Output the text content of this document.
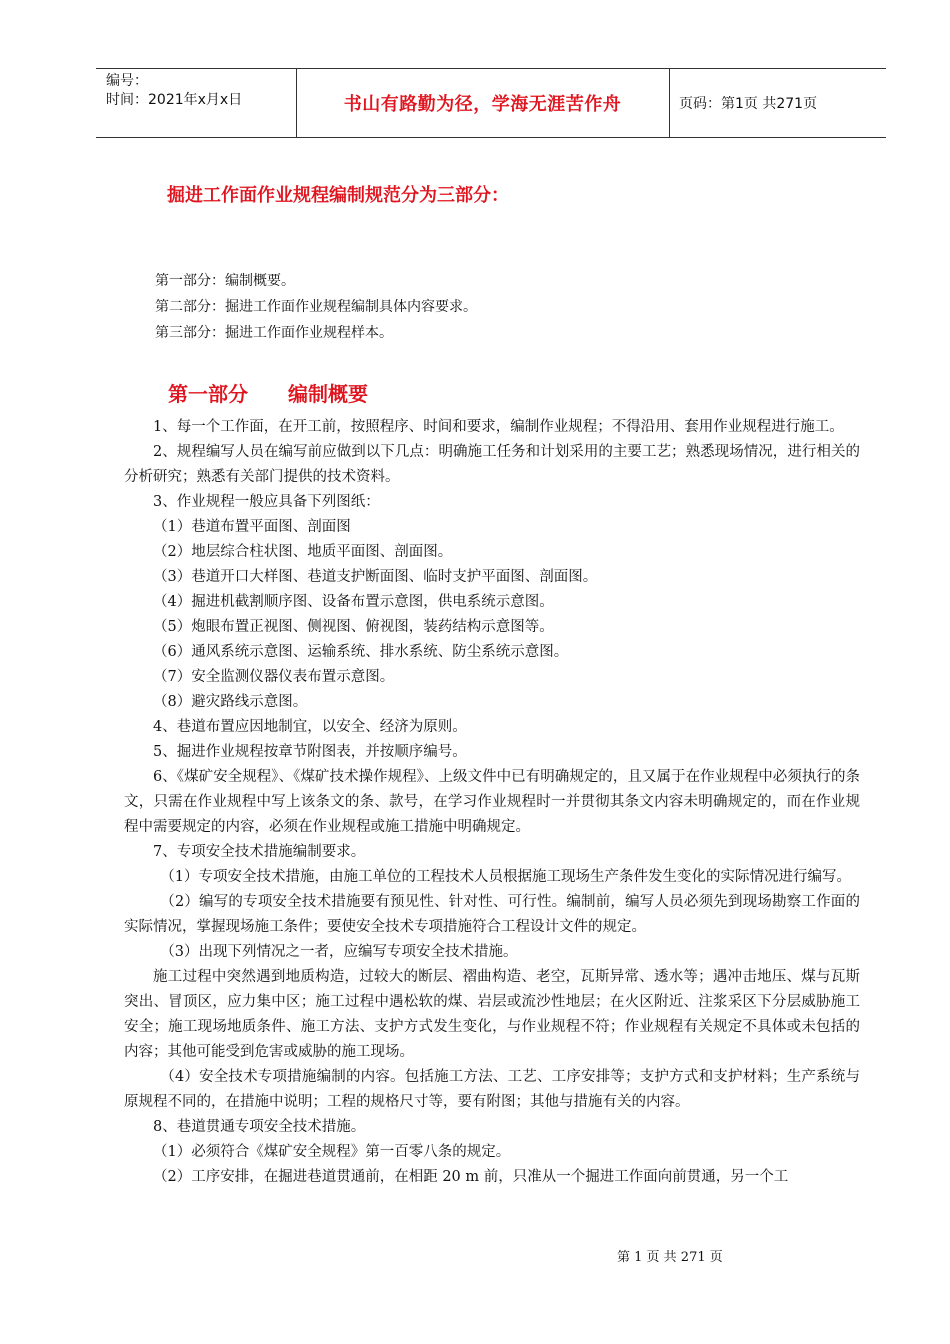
编号：
时间：2021年x月x日	书山有路勤为径，学海无涯苦作舟	页码：第1页 共271页
掘进工作面作业规程编制规范分为三部分：
第一部分：编制概要。
第二部分：掘进工作面作业规程编制具体内容要求。
第三部分：掘进工作面作业规程样本。
第一部分 编制概要

1、每一个工作面，在开工前，按照程序、时间和要求，编制作业规程；不得沿用、套用作业规程进行施工。

2、规程编写人员在编写前应做到以下几点：明确施工任务和计划采用的主要工艺；熟悉现场情况，进行相关的分析研究；熟悉有关部门提供的技术资料。

3、作业规程一般应具备下列图纸：

（1）巷道布置平面图、剖面图

（2）地层综合柱状图、地质平面图、剖面图。

（3）巷道开口大样图、巷道支护断面图、临时支护平面图、剖面图。

（4）掘进机截割顺序图、设备布置示意图，供电系统示意图。

（5）炮眼布置正视图、侧视图、俯视图，装药结构示意图等。

（6）通风系统示意图、运输系统、排水系统、防尘系统示意图。

（7）安全监测仪器仪表布置示意图。

（8）避灾路线示意图。

4、巷道布置应因地制宜，以安全、经济为原则。

5、掘进作业规程按章节附图表，并按顺序编号。

6、《煤矿安全规程》、《煤矿技术操作规程》、上级文件中已有明确规定的，且又属于在作业规程中必须执行的条文，只需在作业规程中写上该条文的条、款号，在学习作业规程时一并贯彻其条文内容未明确规定的，而在作业规程中需要规定的内容，必须在作业规程或施工措施中明确规定。

7、专项安全技术措施编制要求。

（1）专项安全技术措施，由施工单位的工程技术人员根据施工现场生产条件发生变化的实际情况进行编写。

（2）编写的专项安全技术措施要有预见性、针对性、可行性。编制前，编写人员必须先到现场勘察工作面的实际情况，掌握现场施工条件；要使安全技术专项措施符合工程设计文件的规定。

（3）出现下列情况之一者，应编写专项安全技术措施。

施工过程中突然遇到地质构造，过较大的断层、褶曲构造、老空，瓦斯异常、透水等；遇冲击地压、煤与瓦斯突出、冒顶区，应力集中区；施工过程中遇松软的煤、岩层或流沙性地层；在火区附近、注浆采区下分层威胁施工安全；施工现场地质条件、施工方法、支护方式发生变化，与作业规程不符；作业规程有关规定不具体或未包括的内容；其他可能受到危害或威胁的施工现场。

（4）安全技术专项措施编制的内容。包括施工方法、工艺、工序安排等；支护方式和支护材料；生产系统与原规程不同的，在措施中说明；工程的规格尺寸等，要有附图；其他与措施有关的内容。

8、巷道贯通专项安全技术措施。

（1）必须符合《煤矿安全规程》第一百零八条的规定。

（2）工序安排，在掘进巷道贯通前，在相距 20 m 前，只准从一个掘进工作面向前贯通，另一个工

第 1 页 共 271 页
